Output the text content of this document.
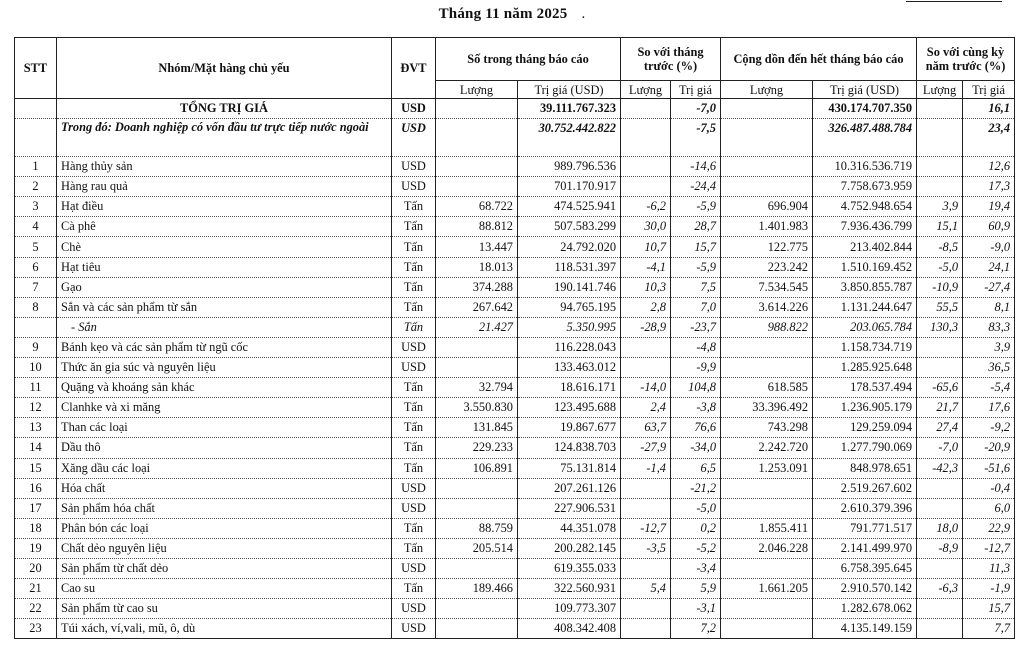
Tháng 11 năm 2025 .
STT	Nhóm/Mặt hàng chủ yếu	ĐVT	Số trong tháng báo cáo		So với tháng trước (%)		Cộng dồn đến hết tháng báo cáo		So với cùng kỳ năm trước (%)	
			Lượng	Trị giá (USD)	Lượng	Trị giá	Lượng	Trị giá (USD)	Lượng	Trị giá
	TỔNG TRỊ GIÁ	USD		39.111.767.323		-7,0		430.174.707.350		16,1
	Trong đó: Doanh nghiệp có vốn đầu tư trực tiếp nước ngoài	USD		30.752.442.822		-7,5		326.487.488.784		23,4
1	Hàng thủy sản	USD		989.796.536		-14,6		10.316.536.719		12,6
2	Hàng rau quả	USD		701.170.917		-24,4		7.758.673.959		17,3
3	Hạt điều	Tấn	68.722	474.525.941	-6,2	-5,9	696.904	4.752.948.654	3,9	19,4
4	Cà phê	Tấn	88.812	507.583.299	30,0	28,7	1.401.983	7.936.436.799	15,1	60,9
5	Chè	Tấn	13.447	24.792.020	10,7	15,7	122.775	213.402.844	-8,5	-9,0
6	Hạt tiêu	Tấn	18.013	118.531.397	-4,1	-5,9	223.242	1.510.169.452	-5,0	24,1
7	Gạo	Tấn	374.288	190.141.746	10,3	7,5	7.534.545	3.850.855.787	-10,9	-27,4
8	Sắn và các sản phẩm từ sắn	Tấn	267.642	94.765.195	2,8	7,0	3.614.226	1.131.244.647	55,5	8,1
	- Sắn	Tấn	21.427	5.350.995	-28,9	-23,7	988.822	203.065.784	130,3	83,3
9	Bánh kẹo và các sản phẩm từ ngũ cốc	USD		116.228.043		-4,8		1.158.734.719		3,9
10	Thức ăn gia súc và nguyên liệu	USD		133.463.012		-9,9		1.285.925.648		36,5
11	Quặng và khoáng sản khác	Tấn	32.794	18.616.171	-14,0	104,8	618.585	178.537.494	-65,6	-5,4
12	Clanhke và xi măng	Tấn	3.550.830	123.495.688	2,4	-3,8	33.396.492	1.236.905.179	21,7	17,6
13	Than các loại	Tấn	131.845	19.867.677	63,7	76,6	743.298	129.259.094	27,4	-9,2
14	Dầu thô	Tấn	229.233	124.838.703	-27,9	-34,0	2.242.720	1.277.790.069	-7,0	-20,9
15	Xăng dầu các loại	Tấn	106.891	75.131.814	-1,4	6,5	1.253.091	848.978.651	-42,3	-51,6
16	Hóa chất	USD		207.261.126		-21,2		2.519.267.602		-0,4
17	Sản phẩm hóa chất	USD		227.906.531		-5,0		2.610.379.396		6,0
18	Phân bón các loại	Tấn	88.759	44.351.078	-12,7	0,2	1.855.411	791.771.517	18,0	22,9
19	Chất dẻo nguyên liệu	Tấn	205.514	200.282.145	-3,5	-5,2	2.046.228	2.141.499.970	-8,9	-12,7
20	Sản phẩm từ chất dẻo	USD		619.355.033		-3,4		6.758.395.645		11,3
21	Cao su	Tấn	189.466	322.560.931	5,4	5,9	1.661.205	2.910.570.142	-6,3	-1,9
22	Sản phẩm từ cao su	USD		109.773.307		-3,1		1.282.678.062		15,7
23	Túi xách, ví,vali, mũ, ô, dù	USD		408.342.408		7,2		4.135.149.159		7,7
